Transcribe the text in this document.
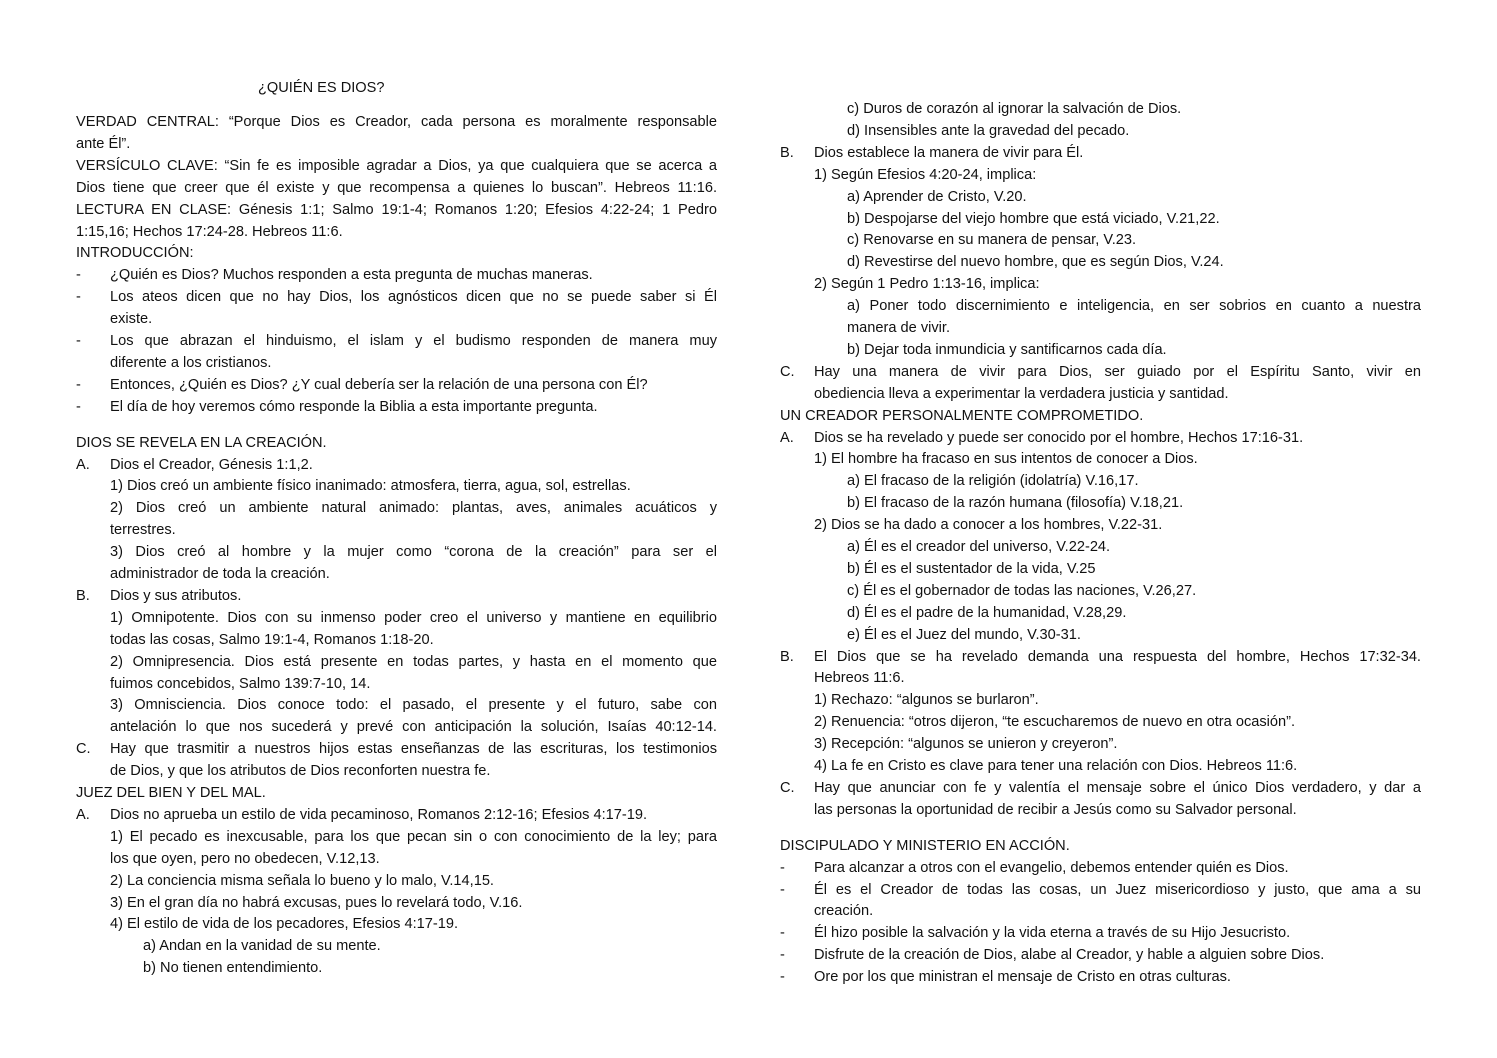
¿QUIÉN ES DIOS?
VERDAD CENTRAL: “Porque Dios es Creador, cada persona es moralmente responsable
ante Él”.
VERSÍCULO CLAVE: “Sin fe es imposible agradar a Dios, ya que cualquiera que se acerca a
Dios tiene que creer que él existe y que recompensa a quienes lo buscan”. Hebreos 11:16.
LECTURA EN CLASE: Génesis 1:1; Salmo 19:1-4; Romanos 1:20; Efesios 4:22-24; 1 Pedro
1:15,16; Hechos 17:24-28. Hebreos 11:6.
INTRODUCCIÓN:
- ¿Quién es Dios? Muchos responden a esta pregunta de muchas maneras.
- Los ateos dicen que no hay Dios, los agnósticos dicen que no se puede saber si Él
existe.
- Los que abrazan el hinduismo, el islam y el budismo responden de manera muy
diferente a los cristianos.
- Entonces, ¿Quién es Dios? ¿Y cual debería ser la relación de una persona con Él?
- El día de hoy veremos cómo responde la Biblia a esta importante pregunta.
DIOS SE REVELA EN LA CREACIÓN.
A. Dios el Creador, Génesis 1:1,2.
1) Dios creó un ambiente físico inanimado: atmosfera, tierra, agua, sol, estrellas.
2) Dios creó un ambiente natural animado: plantas, aves, animales acuáticos y
terrestres.
3) Dios creó al hombre y la mujer como “corona de la creación” para ser el
administrador de toda la creación.
B. Dios y sus atributos.
1) Omnipotente. Dios con su inmenso poder creo el universo y mantiene en equilibrio
todas las cosas, Salmo 19:1-4, Romanos 1:18-20.
2) Omnipresencia. Dios está presente en todas partes, y hasta en el momento que
fuimos concebidos, Salmo 139:7-10, 14.
3) Omnisciencia. Dios conoce todo: el pasado, el presente y el futuro, sabe con
antelación lo que nos sucederá y prevé con anticipación la solución, Isaías 40:12-14.
C. Hay que trasmitir a nuestros hijos estas enseñanzas de las escrituras, los testimonios
de Dios, y que los atributos de Dios reconforten nuestra fe.
JUEZ DEL BIEN Y DEL MAL.
A. Dios no aprueba un estilo de vida pecaminoso, Romanos 2:12-16; Efesios 4:17-19.
1) El pecado es inexcusable, para los que pecan sin o con conocimiento de la ley; para
los que oyen, pero no obedecen, V.12,13.
2) La conciencia misma señala lo bueno y lo malo, V.14,15.
3) En el gran día no habrá excusas, pues lo revelará todo, V.16.
4) El estilo de vida de los pecadores, Efesios 4:17-19.
a) Andan en la vanidad de su mente.
b) No tienen entendimiento.
c) Duros de corazón al ignorar la salvación de Dios.
d) Insensibles ante la gravedad del pecado.
B. Dios establece la manera de vivir para Él.
1) Según Efesios 4:20-24, implica:
a) Aprender de Cristo, V.20.
b) Despojarse del viejo hombre que está viciado, V.21,22.
c) Renovarse en su manera de pensar, V.23.
d) Revestirse del nuevo hombre, que es según Dios, V.24.
2) Según 1 Pedro 1:13-16, implica:
a) Poner todo discernimiento e inteligencia, en ser sobrios en cuanto a nuestra
manera de vivir.
b) Dejar toda inmundicia y santificarnos cada día.
C. Hay una manera de vivir para Dios, ser guiado por el Espíritu Santo, vivir en
obediencia lleva a experimentar la verdadera justicia y santidad.
UN CREADOR PERSONALMENTE COMPROMETIDO.
A. Dios se ha revelado y puede ser conocido por el hombre, Hechos 17:16-31.
1) El hombre ha fracaso en sus intentos de conocer a Dios.
a) El fracaso de la religión (idolatría) V.16,17.
b) El fracaso de la razón humana (filosofía) V.18,21.
2) Dios se ha dado a conocer a los hombres, V.22-31.
a) Él es el creador del universo, V.22-24.
b) Él es el sustentador de la vida, V.25
c) Él es el gobernador de todas las naciones, V.26,27.
d) Él es el padre de la humanidad, V.28,29.
e) Él es el Juez del mundo, V.30-31.
B. El Dios que se ha revelado demanda una respuesta del hombre, Hechos 17:32-34.
Hebreos 11:6.
1) Rechazo: “algunos se burlaron”.
2) Renuencia: “otros dijeron, “te escucharemos de nuevo en otra ocasión”.
3) Recepción: “algunos se unieron y creyeron”.
4) La fe en Cristo es clave para tener una relación con Dios. Hebreos 11:6.
C. Hay que anunciar con fe y valentía el mensaje sobre el único Dios verdadero, y dar a
las personas la oportunidad de recibir a Jesús como su Salvador personal.
DISCIPULADO Y MINISTERIO EN ACCIÓN.
- Para alcanzar a otros con el evangelio, debemos entender quién es Dios.
- Él es el Creador de todas las cosas, un Juez misericordioso y justo, que ama a su
creación.
- Él hizo posible la salvación y la vida eterna a través de su Hijo Jesucristo.
- Disfrute de la creación de Dios, alabe al Creador, y hable a alguien sobre Dios.
- Ore por los que ministran el mensaje de Cristo en otras culturas.
